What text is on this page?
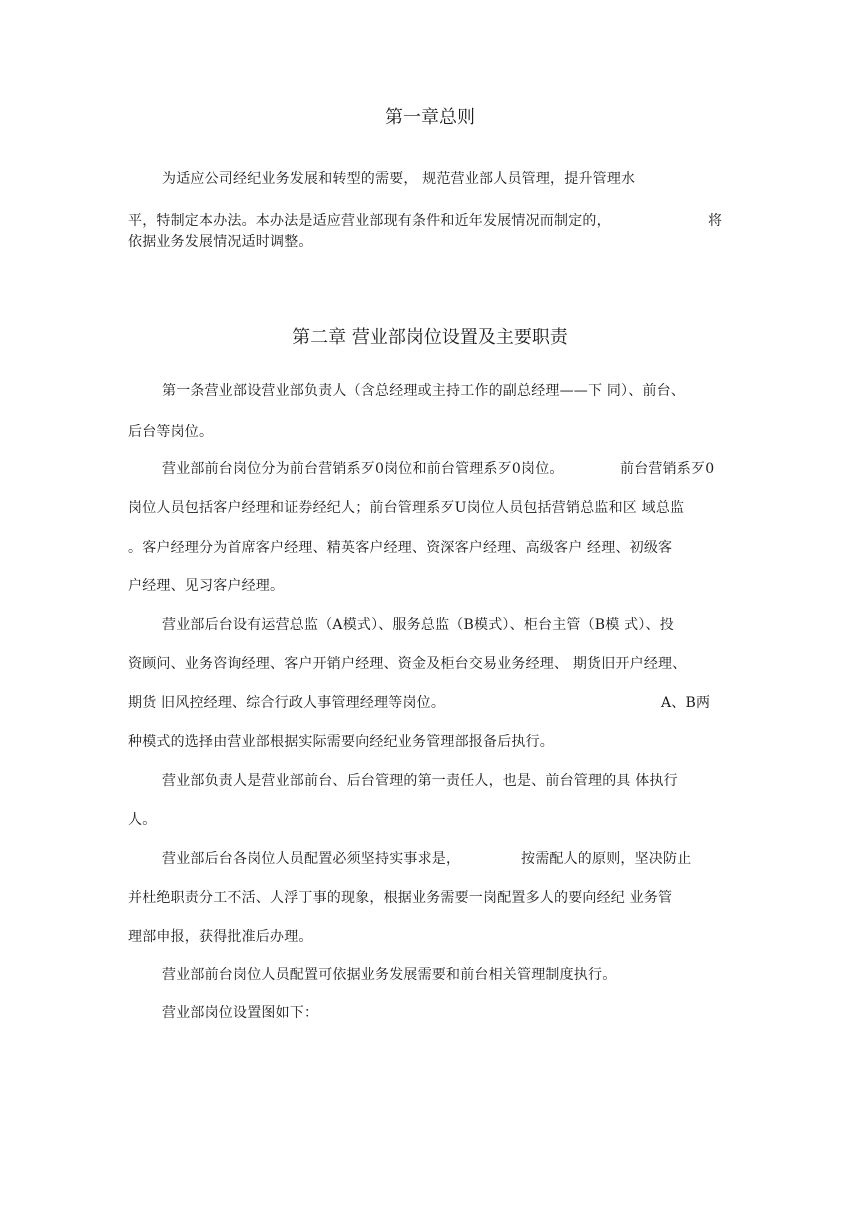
第一章总则
为适应公司经纪业务发展和转型的需要， 规范营业部人员管理，提升管理水
平，特制定本办法。本办法是适应营业部现有条件和近年发展情况而制定的，	将
依据业务发展情况适时调整。
第二章 营业部岗位设置及主要职责
第一条营业部设营业部负责人（含总经理或主持工作的副总经理——下 同）、前台、
后台等岗位。
营业部前台岗位分为前台营销系歹0岗位和前台管理系歹0岗位。	前台营销系歹0
岗位人员包括客户经理和证券经纪人；前台管理系歹U岗位人员包括营销总监和区 域总监
。客户经理分为首席客户经理、精英客户经理、资深客户经理、高级客户 经理、初级客
户经理、见习客户经理。
营业部后台设有运营总监（A模式）、服务总监（B模式）、柜台主管（B模 式）、投
资顾问、业务咨询经理、客户开销户经理、资金及柜台交易业务经理、 期货旧开户经理、
期货 旧风控经理、综合行政人事管理经理等岗位。	A、B两
种模式的选择由营业部根据实际需要向经纪业务管理部报备后执行。
营业部负责人是营业部前台、后台管理的第一责任人，也是、前台管理的具 体执行
人。
营业部后台各岗位人员配置必须坚持实事求是，	按需配人的原则，坚决防止
并杜绝职责分工不活、人浮丁事的现象，根据业务需要一岗配置多人的要向经纪 业务管
理部申报，获得批准后办理。
营业部前台岗位人员配置可依据业务发展需要和前台相关管理制度执行。
营业部岗位设置图如下：
